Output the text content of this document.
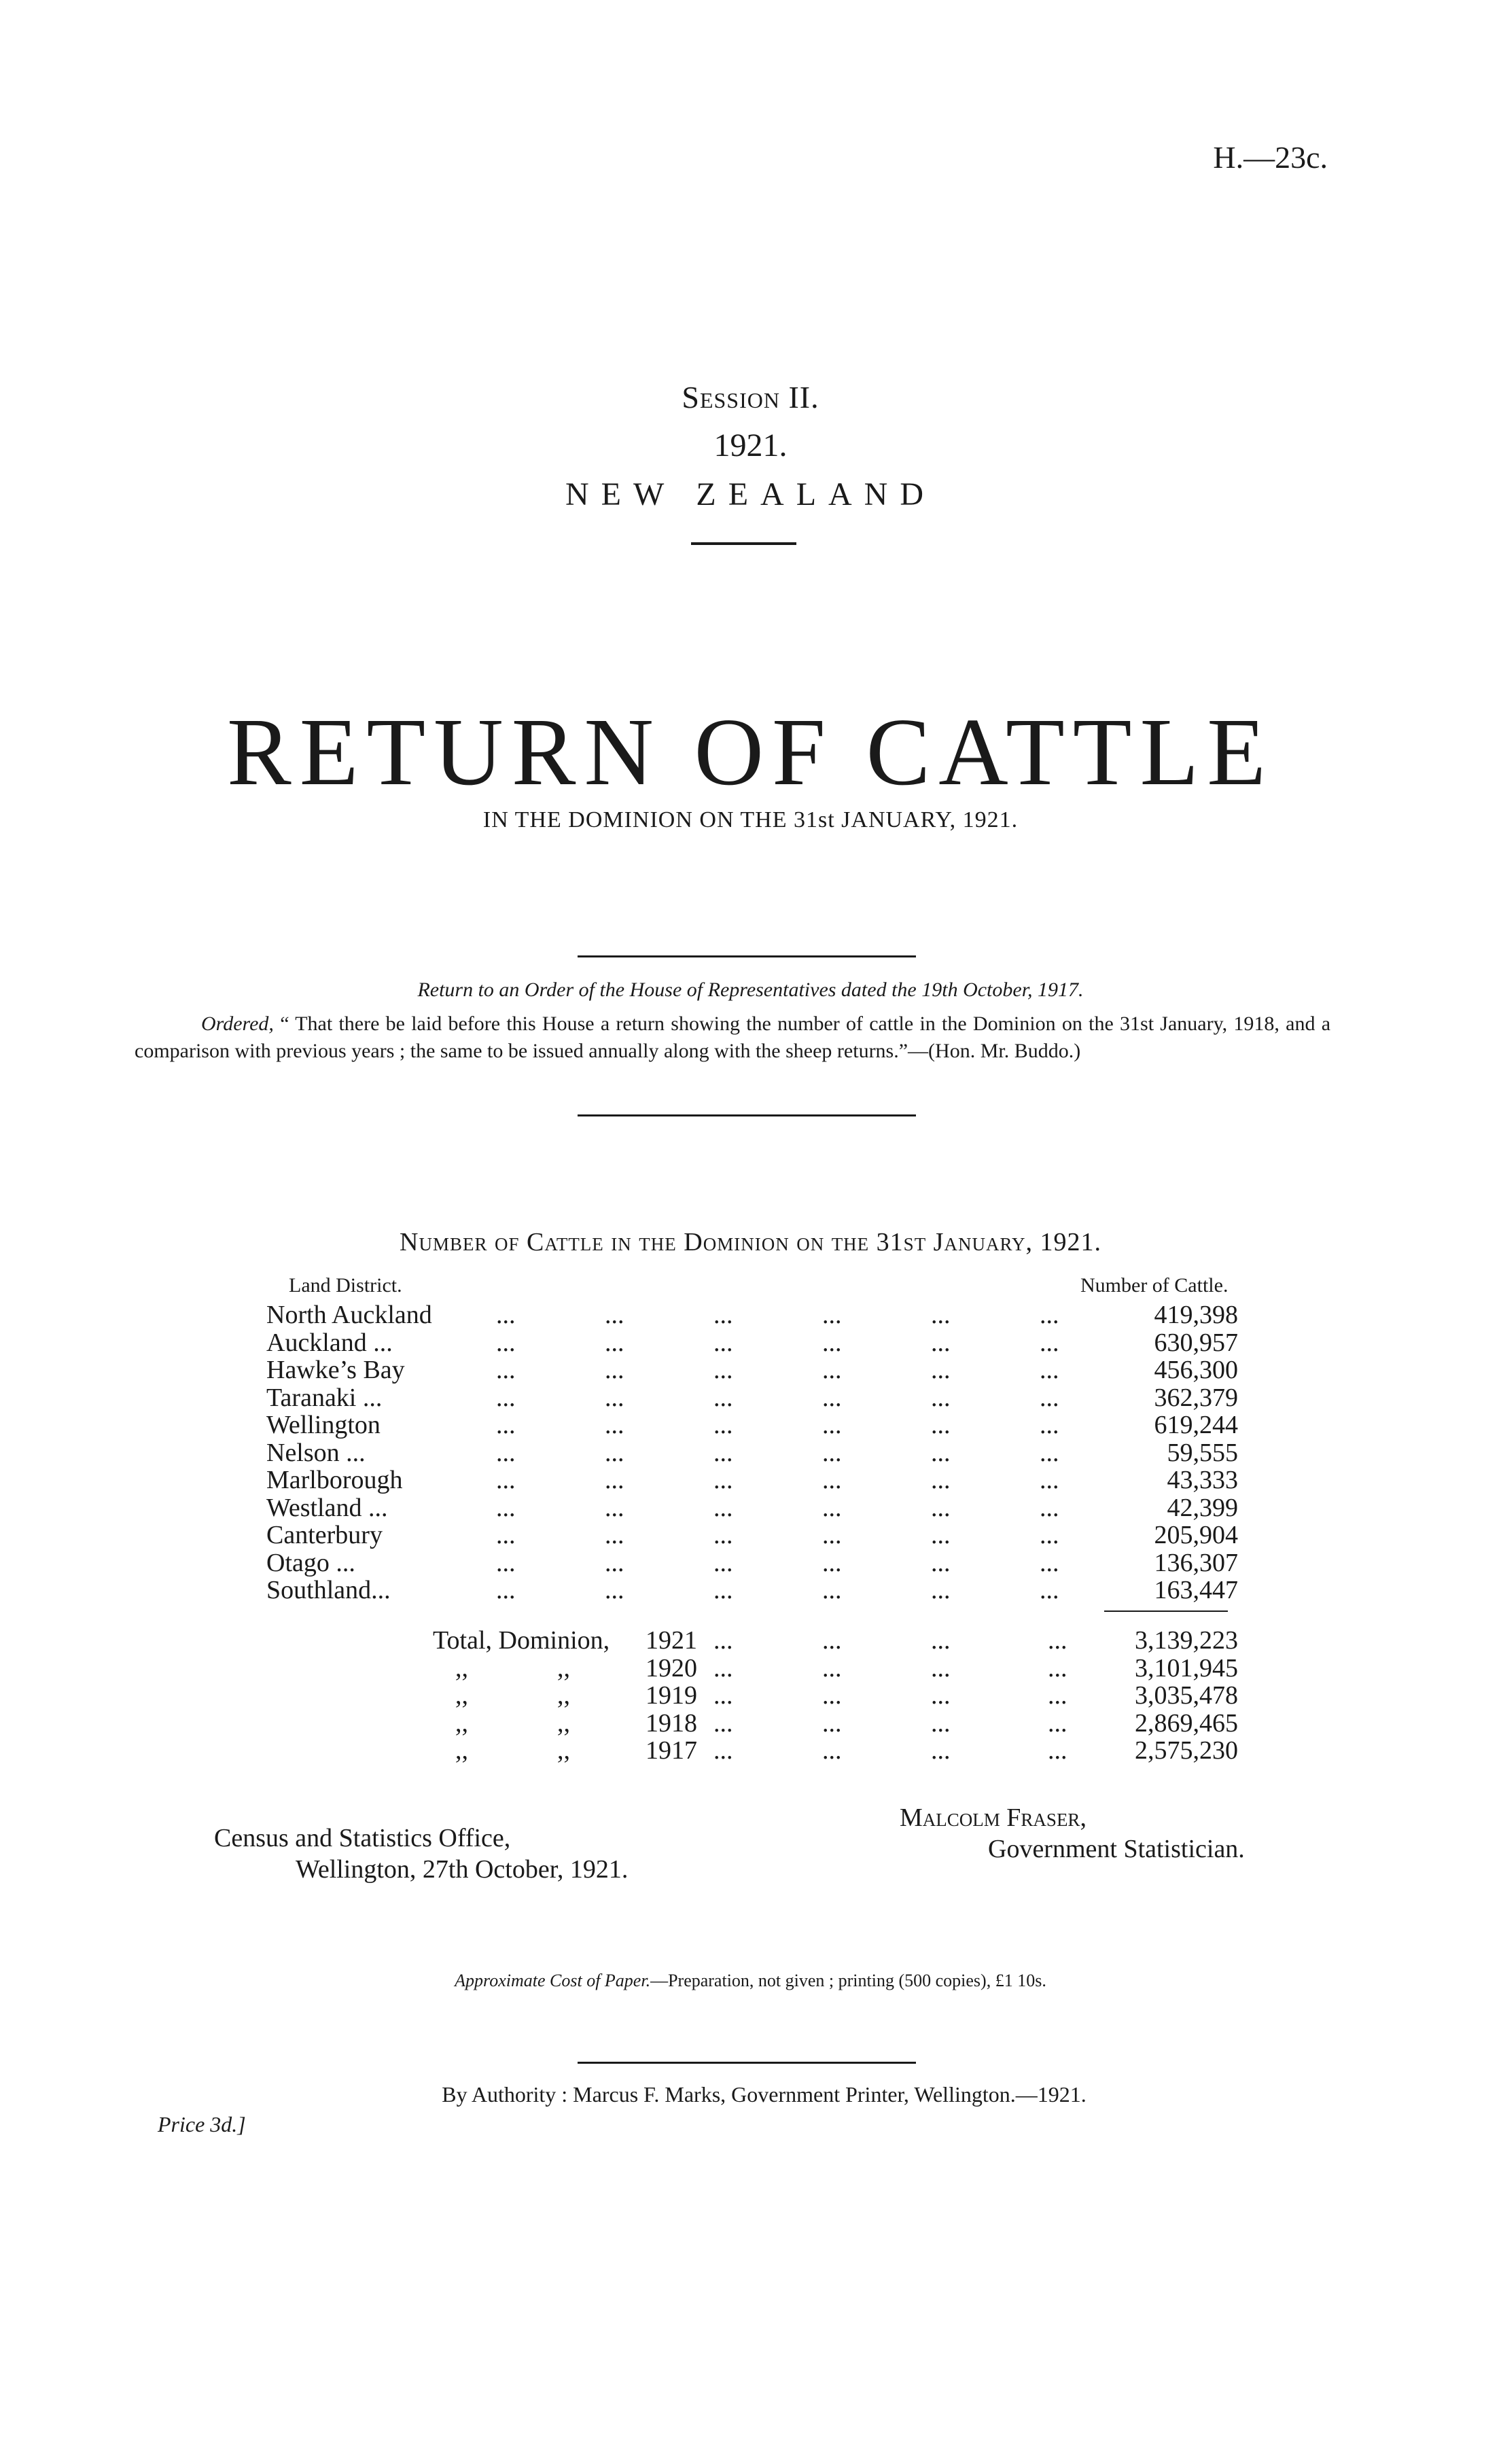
H.—23c.
Session II.
1921.
NEW ZEALAND
RETURN OF CATTLE
IN THE DOMINION ON THE 31st JANUARY, 1921.
Return to an Order of the House of Representatives dated the 19th October, 1917.
Ordered, “ That there be laid before this House a return showing the number of cattle in the Dominion on the 31st January, 1918, and a comparison with previous years ; the same to be issued annually along with the sheep returns.”—(Hon. Mr. Buddo.)
Number of Cattle in the Dominion on the 31st January, 1921.
Land District.	Number of Cattle.
North Auckland ...	...	...	...	...	...	419,398
Auckland ...	...	...	...	...	...	...	630,957
Hawke’s Bay	...	...	...	...	...	...	456,300
Taranaki ...	...	...	...	...	...	...	362,379
Wellington	...	...	...	...	...	...	619,244
Nelson ...	...	...	...	...	...	...	59,555
Marlborough	...	...	...	...	...	...	43,333
Westland ...	...	...	...	...	...	...	42,399
Canterbury	...	...	...	...	...	...	205,904
Otago ...	...	...	...	...	...	...	136,307
Southland...	...	...	...	...	...	...	163,447
Total, Dominion, 1921 ...	...	...	...	3,139,223
,,	,,	1920 ...	...	...	...	3,101,945
,,	,,	1919 ...	...	...	...	3,035,478
,,	,,	1918 ...	...	...	...	2,869,465
,,	,,	1917 ...	...	...	...	2,575,230
Census and Statistics Office,
Wellington, 27th October, 1921.
Malcolm Fraser,
Government Statistician.
Approximate Cost of Paper.—Preparation, not given ; printing (500 copies), £1 10s.
By Authority : Marcus F. Marks, Government Printer, Wellington.—1921.
Price 3d.]
